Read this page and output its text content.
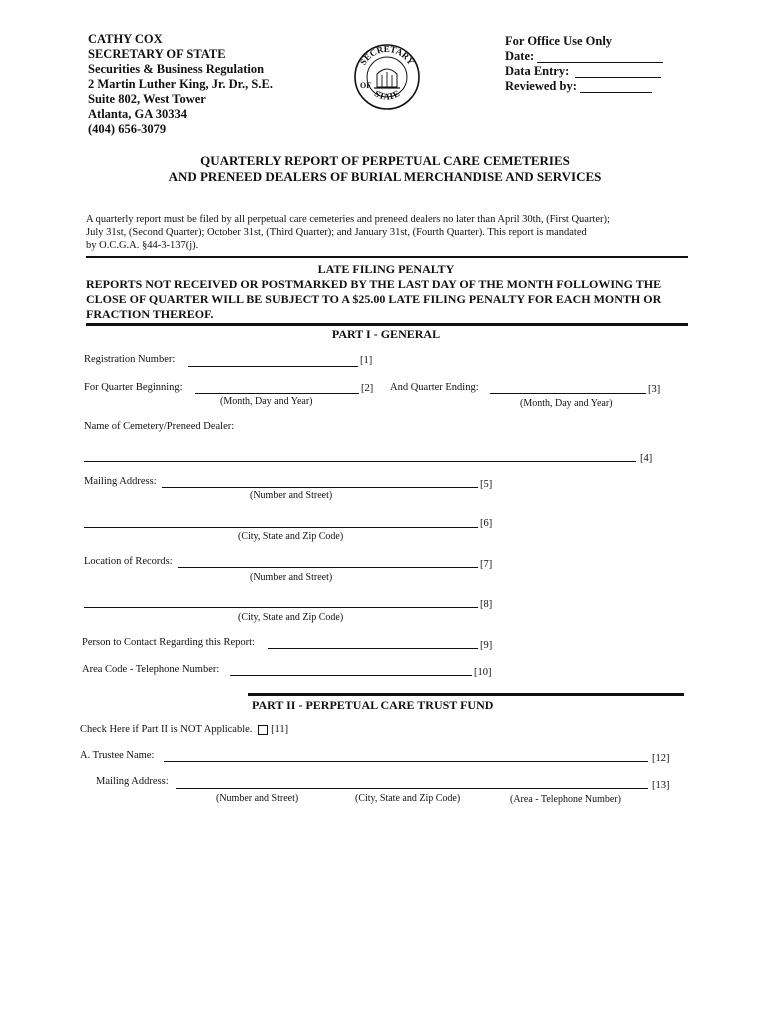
CATHY COX
SECRETARY OF STATE
Securities & Business Regulation
2 Martin Luther King, Jr. Dr., S.E.
Suite 802, West Tower
Atlanta, GA 30334
(404) 656-3079
SECRETARY
STATE
OF
For Office Use Only
Date:
Data Entry:
Reviewed by:
QUARTERLY REPORT OF PERPETUAL CARE CEMETERIES
AND PRENEED DEALERS OF BURIAL MERCHANDISE AND SERVICES
A quarterly report must be filed by all perpetual care cemeteries and preneed dealers no later than April 30th, (First Quarter);
July 31st, (Second Quarter); October 31st, (Third Quarter); and January 31st, (Fourth Quarter). This report is mandated
by O.C.G.A. §44-3-137(j).
LATE FILING PENALTY
REPORTS NOT RECEIVED OR POSTMARKED BY THE LAST DAY OF THE MONTH FOLLOWING THE
CLOSE OF QUARTER WILL BE SUBJECT TO A $25.00 LATE FILING PENALTY FOR EACH MONTH OR
FRACTION THEREOF.
PART I - GENERAL
Registration Number:	[1]
For Quarter Beginning:	[2] And Quarter Ending:	[3]
(Month, Day and Year)	(Month, Day and Year)
Name of Cemetery/Preneed Dealer:
[4]
Mailing Address:	[5]
(Number and Street)
[6]
(City, State and Zip Code)
Location of Records:	[7]
(Number and Street)
[8]
(City, State and Zip Code)
Person to Contact Regarding this Report:	[9]
Area Code - Telephone Number:	[10]
PART II - PERPETUAL CARE TRUST FUND
Check Here if Part II is NOT Applicable. [11]
A. Trustee Name:	[12]
Mailing Address:	[13]
(Number and Street)	(City, State and Zip Code)	(Area - Telephone Number)
